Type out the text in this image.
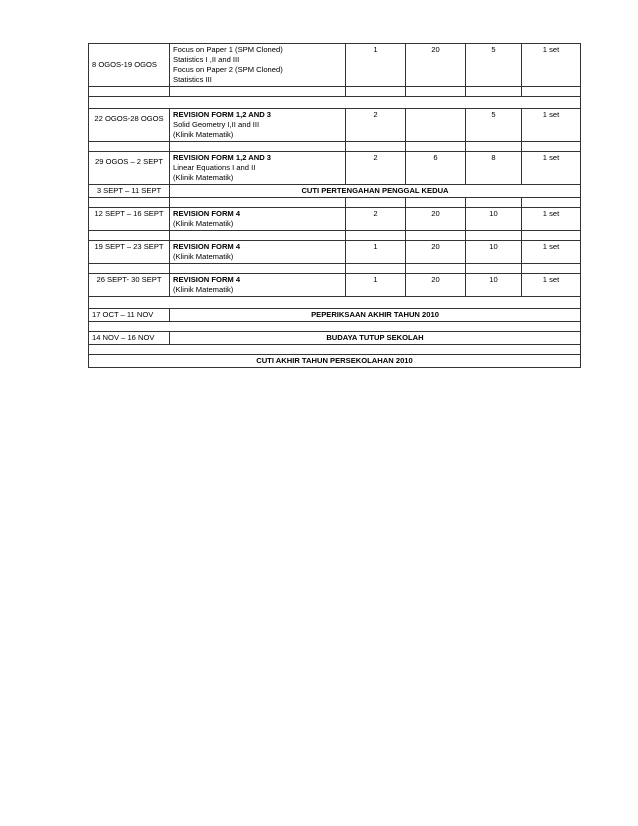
8 OGOS-19 OGOS	Focus on Paper 1 (SPM Cloned)
Statistics I ,II and III
Focus on Paper 2 (SPM Cloned)
Statistics III	1	20	5	1 set

22 OGOS-28 OGOS	REVISION FORM 1,2 AND 3
Solid Geometry I,II and III
(Klinik Matematik)	2		5	1 set

29 OGOS – 2 SEPT	REVISION FORM 1,2 AND 3
Linear Equations I and II
(Klinik Matematik)	2	6	8	1 set
3 SEPT – 11 SEPT	CUTI PERTENGAHAN PENGGAL KEDUA				

12 SEPT – 16 SEPT	REVISION FORM 4
(Klinik Matematik)	2	20	10	1 set

19 SEPT – 23 SEPT	REVISION FORM 4
(Klinik Matematik)	1	20	10	1 set

26 SEPT- 30 SEPT	REVISION FORM 4
(Klinik Matematik)	1	20	10	1 set

17 OCT – 11 NOV	PEPERIKSAAN AKHIR TAHUN 2010				

14 NOV – 16 NOV	BUDAYA TUTUP SEKOLAH				

CUTI AKHIR TAHUN PERSEKOLAHAN 2010					
